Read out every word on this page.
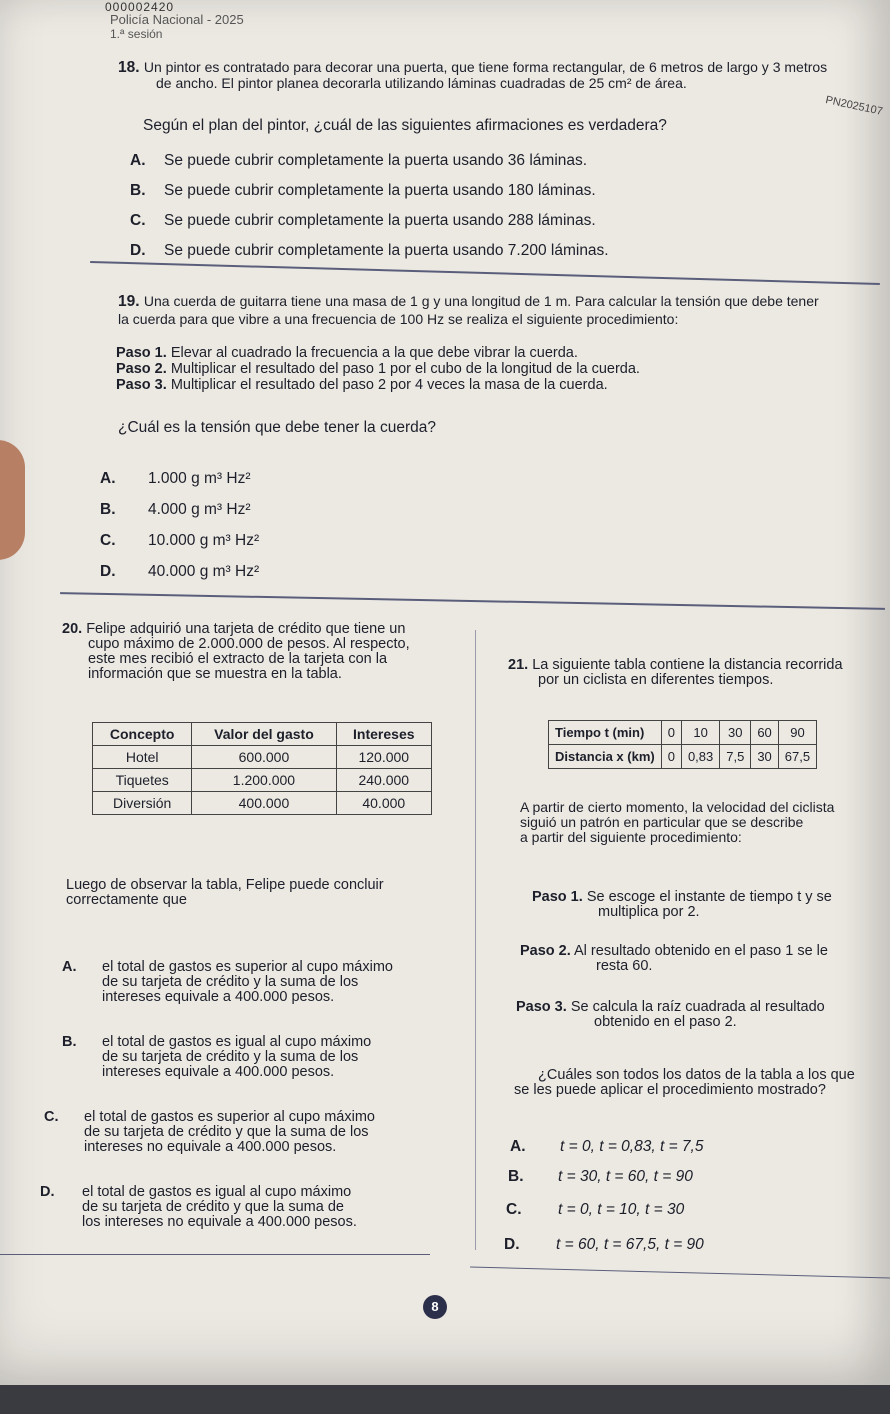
000002420
Policía Nacional - 2025
1.ª sesión
PN2025107
18. Un pintor es contratado para decorar una puerta, que tiene forma rectangular, de 6 metros de largo y 3 metros
de ancho. El pintor planea decorarla utilizando láminas cuadradas de 25 cm² de área.
Según el plan del pintor, ¿cuál de las siguientes afirmaciones es verdadera?
A. Se puede cubrir completamente la puerta usando 36 láminas.
B. Se puede cubrir completamente la puerta usando 180 láminas.
C. Se puede cubrir completamente la puerta usando 288 láminas.
D. Se puede cubrir completamente la puerta usando 7.200 láminas.
19. Una cuerda de guitarra tiene una masa de 1 g y una longitud de 1 m. Para calcular la tensión que debe tener
la cuerda para que vibre a una frecuencia de 100 Hz se realiza el siguiente procedimiento:
Paso 1. Elevar al cuadrado la frecuencia a la que debe vibrar la cuerda.
Paso 2. Multiplicar el resultado del paso 1 por el cubo de la longitud de la cuerda.
Paso 3. Multiplicar el resultado del paso 2 por 4 veces la masa de la cuerda.
¿Cuál es la tensión que debe tener la cuerda?
A. 1.000 g m³ Hz²
B. 4.000 g m³ Hz²
C. 10.000 g m³ Hz²
D. 40.000 g m³ Hz²
20. Felipe adquirió una tarjeta de crédito que tiene un
cupo máximo de 2.000.000 de pesos. Al respecto,
este mes recibió el extracto de la tarjeta con la
información que se muestra en la tabla.
Concepto	Valor del gasto	Intereses
Hotel	600.000	120.000
Tiquetes	1.200.000	240.000
Diversión	400.000	40.000
Luego de observar la tabla, Felipe puede concluir
correctamente que
A.	el total de gastos es superior al cupo máximo
de su tarjeta de crédito y la suma de los
intereses equivale a 400.000 pesos.
B.	el total de gastos es igual al cupo máximo
de su tarjeta de crédito y la suma de los
intereses equivale a 400.000 pesos.
C.	el total de gastos es superior al cupo máximo
de su tarjeta de crédito y que la suma de los
intereses no equivale a 400.000 pesos.
D.	el total de gastos es igual al cupo máximo
de su tarjeta de crédito y que la suma de
los intereses no equivale a 400.000 pesos.
21. La siguiente tabla contiene la distancia recorrida
por un ciclista en diferentes tiempos.
Tiempo t (min)	0	10	30	60	90
Distancia x (km)	0	0,83	7,5	30	67,5
A partir de cierto momento, la velocidad del ciclista
siguió un patrón en particular que se describe
a partir del siguiente procedimiento:
Paso 1. Se escoge el instante de tiempo t y se
multiplica por 2.
Paso 2. Al resultado obtenido en el paso 1 se le
resta 60.
Paso 3. Se calcula la raíz cuadrada al resultado
obtenido en el paso 2.
¿Cuáles son todos los datos de la tabla a los que
se les puede aplicar el procedimiento mostrado?
A. t = 0, t = 0,83, t = 7,5
B. t = 30, t = 60, t = 90
C. t = 0, t = 10, t = 30
D. t = 60, t = 67,5, t = 90
8
